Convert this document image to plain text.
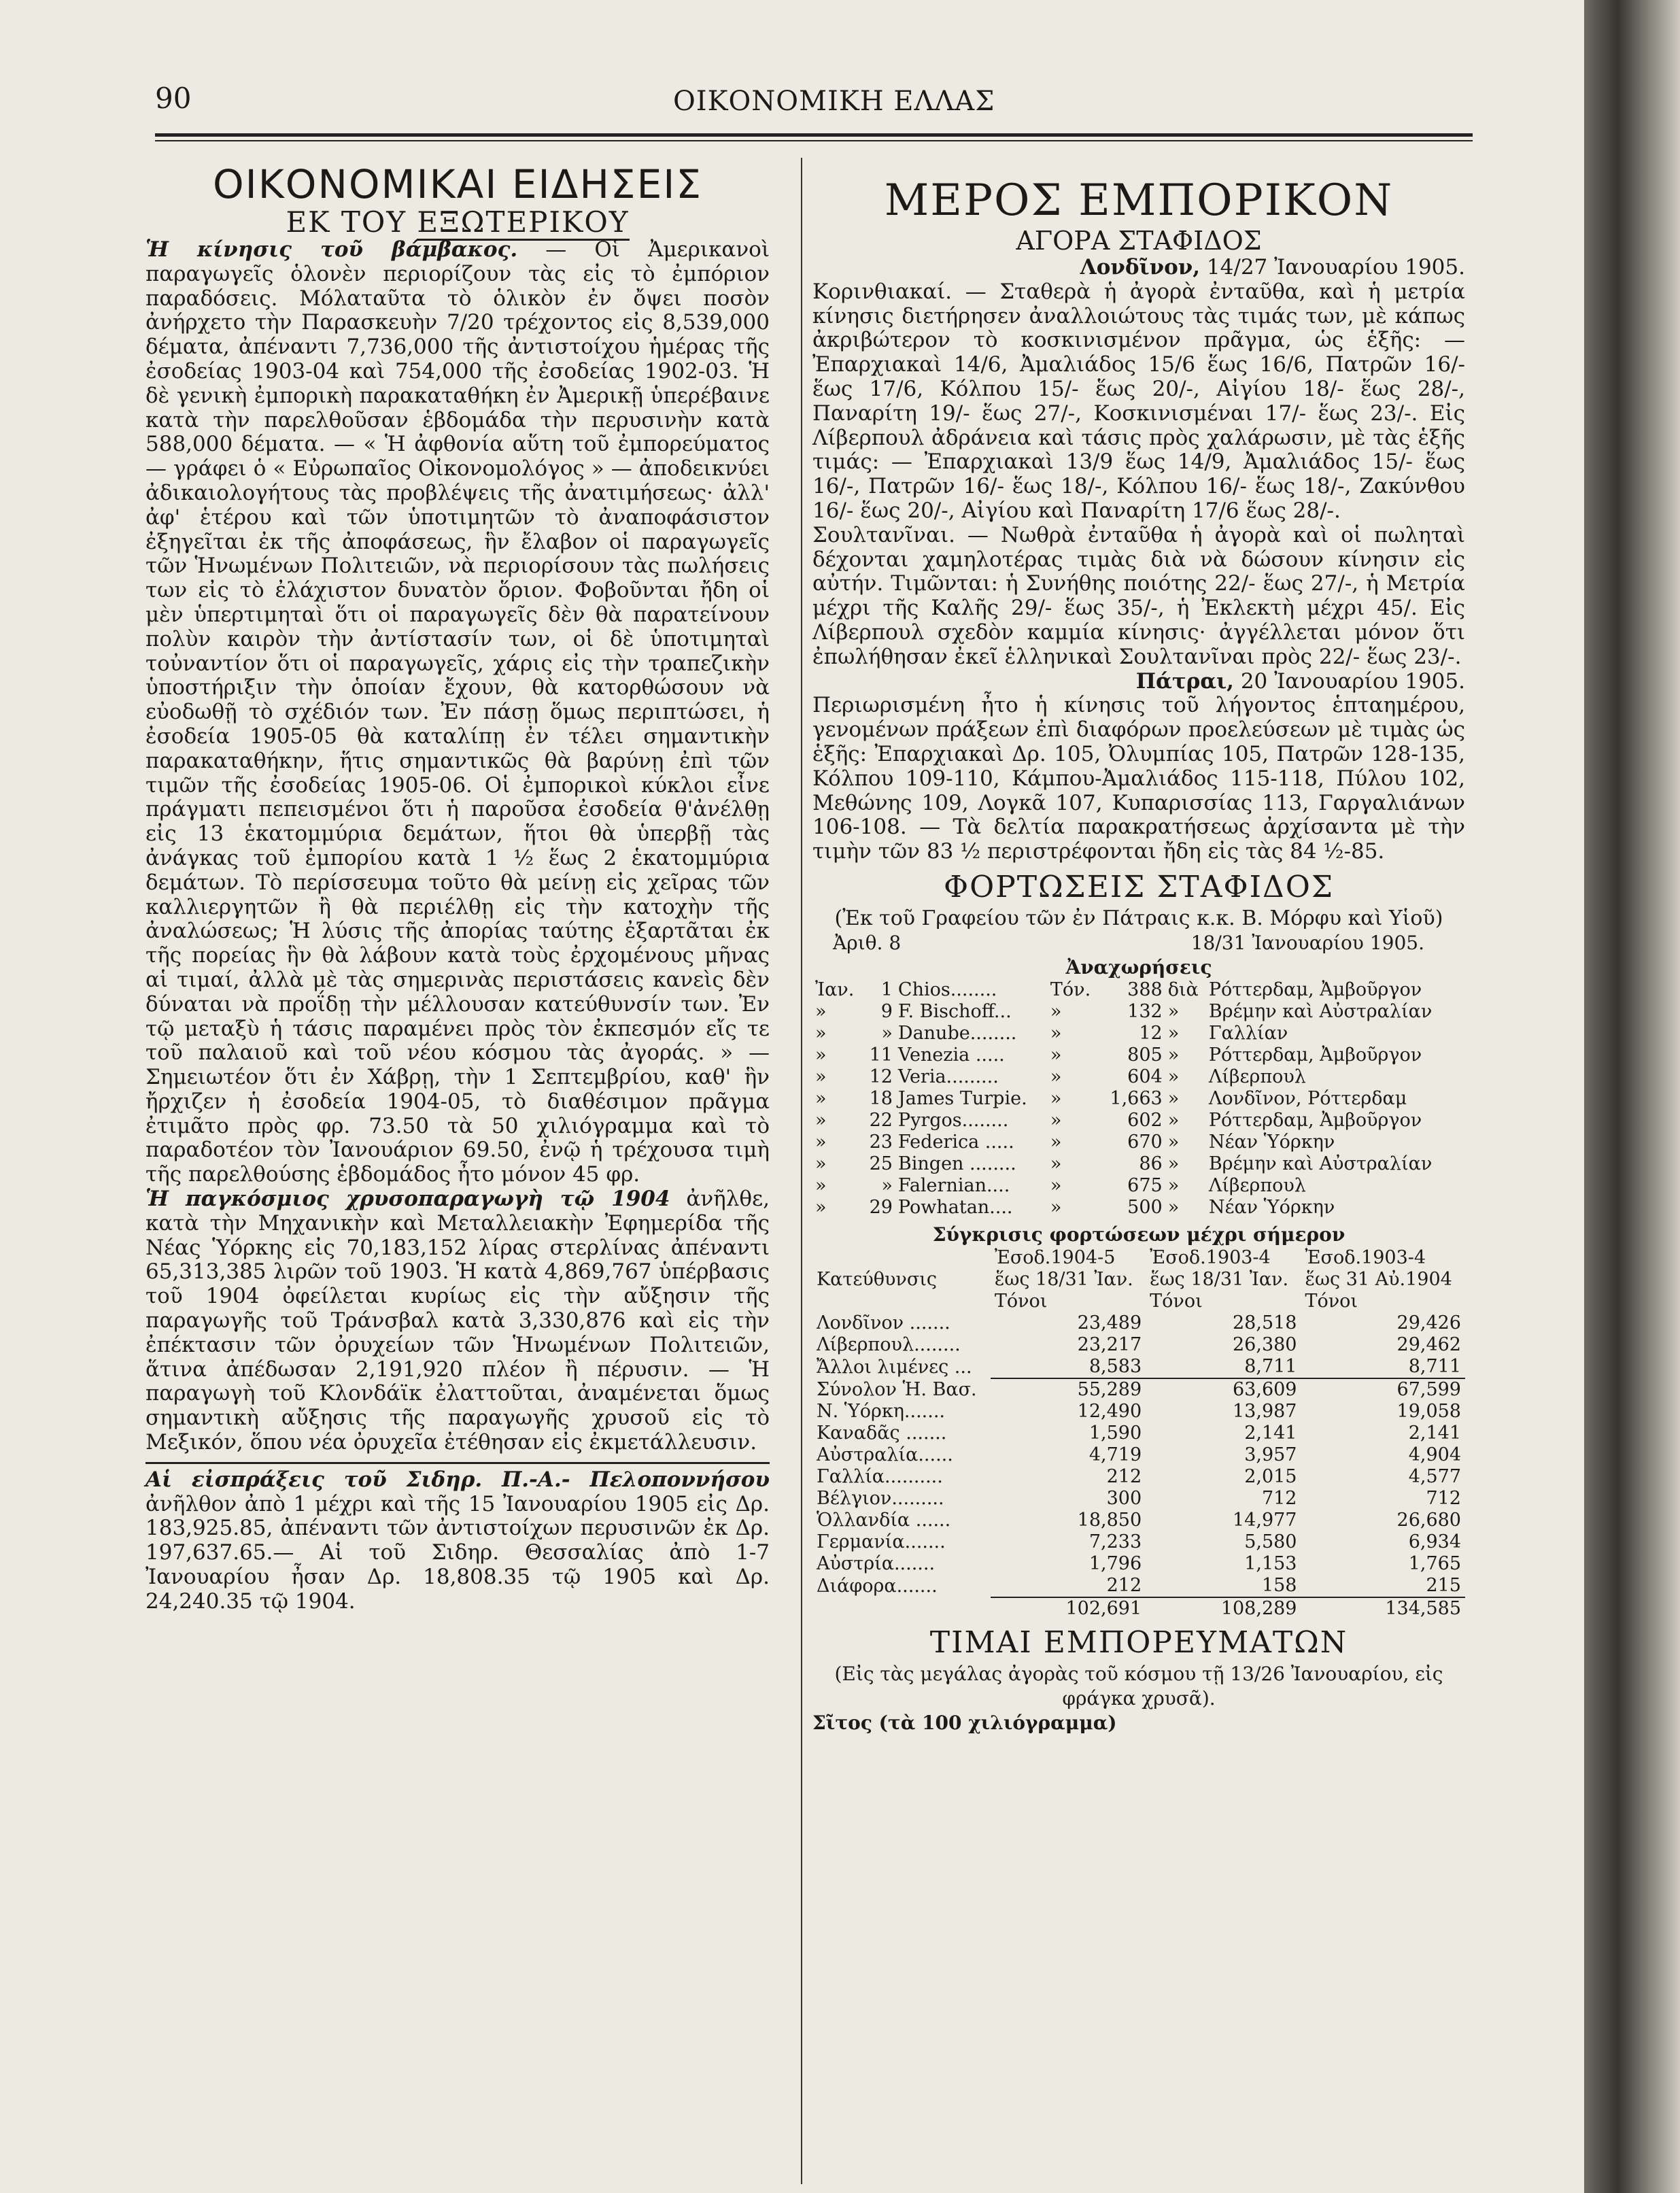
90	ΟΙΚΟΝΟΜΙΚΗ ΕΛΛΑΣ
ΟΙΚΟΝΟΜΙΚΑΙ ΕΙΔΗΣΕΙΣ
ΕΚ ΤΟΥ ΕΞΩΤΕΡΙΚΟΥ

Ἡ κίνησις τοῦ βάμβακος. — Οἱ Ἀμερικανοὶ παραγωγεῖς ὁλονὲν περιορίζουν τὰς εἰς τὸ ἐμπόριον παραδόσεις. Μόλαταῦτα τὸ ὁλικὸν ἐν ὄψει ποσὸν ἀνήρχετο τὴν Παρασκευὴν 7/20 τρέχοντος εἰς 8,539,000 δέματα, ἀπέναντι 7,736,000 τῆς ἀντιστοίχου ἡμέρας τῆς ἐσοδείας 1903-04 καὶ 754,000 τῆς ἐσοδείας 1902-03. Ἡ δὲ γενικὴ ἐμπορικὴ παρακαταθήκη ἐν Ἀμερικῇ ὑπερέβαινε κατὰ τὴν παρελθοῦσαν ἑβδομάδα τὴν περυσινὴν κατὰ 588,000 δέματα. — « Ἡ ἀφθονία αὕτη τοῦ ἐμπορεύματος — γράφει ὁ « Εὐρωπαῖος Οἰκονομολόγος » — ἀποδεικνύει ἀδικαιολογήτους τὰς προβλέψεις τῆς ἀνατιμήσεως· ἀλλ' ἀφ' ἑτέρου καὶ τῶν ὑποτιμητῶν τὸ ἀναποφάσιστον ἐξηγεῖται ἐκ τῆς ἀποφάσεως, ἣν ἔλαβον οἱ παραγωγεῖς τῶν Ἡνωμένων Πολιτειῶν, νὰ περιορίσουν τὰς πωλήσεις των εἰς τὸ ἐλάχιστον δυνατὸν ὅριον. Φοβοῦνται ἤδη οἱ μὲν ὑπερτιμηταὶ ὅτι οἱ παραγωγεῖς δὲν θὰ παρατείνουν πολὺν καιρὸν τὴν ἀντίστασίν των, οἱ δὲ ὑποτιμηταὶ τοὐναντίον ὅτι οἱ παραγωγεῖς, χάρις εἰς τὴν τραπεζικὴν ὑποστήριξιν τὴν ὁποίαν ἔχουν, θὰ κατορθώσουν νὰ εὐοδωθῇ τὸ σχέδιόν των. Ἐν πάσῃ ὅμως περιπτώσει, ἡ ἐσοδεία 1905-05 θὰ καταλίπῃ ἐν τέλει σημαντικὴν παρακαταθήκην, ἥτις σημαντικῶς θὰ βαρύνῃ ἐπὶ τῶν τιμῶν τῆς ἐσοδείας 1905-06. Οἱ ἐμπορικοὶ κύκλοι εἶνε πράγματι πεπεισμένοι ὅτι ἡ παροῦσα ἐσοδεία θ'ἀνέλθῃ εἰς 13 ἑκατομμύρια δεμάτων, ἥτοι θὰ ὑπερβῇ τὰς ἀνάγκας τοῦ ἐμπορίου κατὰ 1 ½ ἕως 2 ἑκατομμύρια δεμάτων. Τὸ περίσσευμα τοῦτο θὰ μείνῃ εἰς χεῖρας τῶν καλλιεργητῶν ἢ θὰ περιέλθῃ εἰς τὴν κατοχὴν τῆς ἀναλώσεως; Ἡ λύσις τῆς ἀπορίας ταύτης ἐξαρτᾶται ἐκ τῆς πορείας ἣν θὰ λάβουν κατὰ τοὺς ἐρχομένους μῆνας αἱ τιμαί, ἀλλὰ μὲ τὰς σημερινὰς περιστάσεις κανεὶς δὲν δύναται νὰ προΐδῃ τὴν μέλλουσαν κατεύθυνσίν των. Ἐν τῷ μεταξὺ ἡ τάσις παραμένει πρὸς τὸν ἐκπεσμόν εἴς τε τοῦ παλαιοῦ καὶ τοῦ νέου κόσμου τὰς ἀγοράς. » — Σημειωτέον ὅτι ἐν Χάβρῃ, τὴν 1 Σεπτεμβρίου, καθ' ἣν ἤρχιζεν ἡ ἐσοδεία 1904-05, τὸ διαθέσιμον πρᾶγμα ἐτιμᾶτο πρὸς φρ. 73.50 τὰ 50 χιλιόγραμμα καὶ τὸ παραδοτέον τὸν Ἰανουάριον 69.50, ἐνῷ ἡ τρέχουσα τιμὴ τῆς παρελθούσης ἑβδομάδος ἦτο μόνον 45 φρ.

Ἡ παγκόσμιος χρυσοπαραγωγὴ τῷ 1904 ἀνῆλθε, κατὰ τὴν Μηχανικὴν καὶ Μεταλλειακὴν Ἐφημερίδα τῆς Νέας Ὑόρκης εἰς 70,183,152 λίρας στερλίνας ἀπέναντι 65,313,385 λιρῶν τοῦ 1903. Ἡ κατὰ 4,869,767 ὑπέρβασις τοῦ 1904 ὀφείλεται κυρίως εἰς τὴν αὔξησιν τῆς παραγωγῆς τοῦ Τράνσβαλ κατὰ 3,330,876 καὶ εἰς τὴν ἐπέκτασιν τῶν ὀρυχείων τῶν Ἡνωμένων Πολιτειῶν, ἅτινα ἀπέδωσαν 2,191,920 πλέον ἢ πέρυσιν. — Ἡ παραγωγὴ τοῦ Κλονδάϊκ ἐλαττοῦται, ἀναμένεται ὅμως σημαντικὴ αὔξησις τῆς παραγωγῆς χρυσοῦ εἰς τὸ Μεξικόν, ὅπου νέα ὀρυχεῖα ἐτέθησαν εἰς ἐκμετάλλευσιν.

Αἱ εἰσπράξεις τοῦ Σιδηρ. Π.-Α.- Πελοποννήσου ἀνῆλθον ἀπὸ 1 μέχρι καὶ τῆς 15 Ἰανουαρίου 1905 εἰς Δρ. 183,925.85, ἀπέναντι τῶν ἀντιστοίχων περυσινῶν ἐκ Δρ. 197,637.65.— Αἱ τοῦ Σιδηρ. Θεσσαλίας ἀπὸ 1-7 Ἰανουαρίου ἦσαν Δρ. 18,808.35 τῷ 1905 καὶ Δρ. 24,240.35 τῷ 1904.

ΜΕΡΟΣ ΕΜΠΟΡΙΚΟΝ
ΑΓΟΡΑ ΣΤΑΦΙΔΟΣ
Λονδῖνον, 14/27 Ἰανουαρίου 1905.

Κορινθιακαί. — Σταθερὰ ἡ ἀγορὰ ἐνταῦθα, καὶ ἡ μετρία κίνησις διετήρησεν ἀναλλοιώτους τὰς τιμάς των, μὲ κάπως ἀκριβώτερον τὸ κοσκινισμένον πρᾶγμα, ὡς ἑξῆς: — Ἐπαρχιακαὶ 14/6, Ἀμαλιάδος 15/6 ἕως 16/6, Πατρῶν 16/- ἕως 17/6, Κόλπου 15/- ἕως 20/-, Αἰγίου 18/- ἕως 28/-, Παναρίτη 19/- ἕως 27/-, Κοσκινισμέναι 17/- ἕως 23/-. Εἰς Λίβερπουλ ἀδράνεια καὶ τάσις πρὸς χαλάρωσιν, μὲ τὰς ἑξῆς τιμάς: — Ἐπαρχιακαὶ 13/9 ἕως 14/9, Ἀμαλιάδος 15/- ἕως 16/-, Πατρῶν 16/- ἕως 18/-, Κόλπου 16/- ἕως 18/-, Ζακύνθου 16/- ἕως 20/-, Αἰγίου καὶ Παναρίτη 17/6 ἕως 28/-.

Σουλτανῖναι. — Νωθρὰ ἐνταῦθα ἡ ἀγορὰ καὶ οἱ πωληταὶ δέχονται χαμηλοτέρας τιμὰς διὰ νὰ δώσουν κίνησιν εἰς αὐτήν. Τιμῶνται: ἡ Συνήθης ποιότης 22/- ἕως 27/-, ἡ Μετρία μέχρι τῆς Καλῆς 29/- ἕως 35/-, ἡ Ἐκλεκτὴ μέχρι 45/. Εἰς Λίβερπουλ σχεδὸν καμμία κίνησις· ἀγγέλλεται μόνον ὅτι ἐπωλήθησαν ἐκεῖ ἑλληνικαὶ Σουλτανῖναι πρὸς 22/- ἕως 23/-.

Πάτραι, 20 Ἰανουαρίου 1905.

Περιωρισμένη ἦτο ἡ κίνησις τοῦ λήγοντος ἑπταημέρου, γενομένων πράξεων ἐπὶ διαφόρων προελεύσεων μὲ τιμὰς ὡς ἑξῆς: Ἐπαρχιακαὶ Δρ. 105, Ὀλυμπίας 105, Πατρῶν 128-135, Κόλπου 109-110, Κάμπου-Ἀμαλιάδος 115-118, Πύλου 102, Μεθώνης 109, Λογκᾶ 107, Κυπαρισσίας 113, Γαργαλιάνων 106-108. — Τὰ δελτία παρακρατήσεως ἀρχίσαντα μὲ τὴν τιμὴν τῶν 83 ½ περιστρέφονται ἤδη εἰς τὰς 84 ½-85.

ΦΟΡΤΩΣΕΙΣ ΣΤΑΦΙΔΟΣ
(Ἐκ τοῦ Γραφείου τῶν ἐν Πάτραις κ.κ. Β. Μόρφυ καὶ Υἱοῦ)
Ἀριθ. 8	18/31 Ἰανουαρίου 1905.
Ἀναχωρήσεις
Ἰαν.	1	Chios........	Τόν.	388	διὰ	Ρόττερδαμ, Ἀμβοῦργον
»	9	F. Bischoff...	»	132	»	Βρέμην καὶ Αὐστραλίαν
»	»	Danube........	»	12	»	Γαλλίαν
»	11	Venezia .....	»	805	»	Ρόττερδαμ, Ἀμβοῦργον
»	12	Veria.........	»	604	»	Λίβερπουλ
»	18	James Turpie.	»	1,663	»	Λονδῖνον, Ρόττερδαμ
»	22	Pyrgos........	»	602	»	Ρόττερδαμ, Ἀμβοῦργον
»	23	Federica .....	»	670	»	Νέαν Ὑόρκην
»	25	Bingen ........	»	86	»	Βρέμην καὶ Αὐστραλίαν
»	»	Falernian....	»	675	»	Λίβερπουλ
»	29	Powhatan....	»	500	»	Νέαν Ὑόρκην
Σύγκρισις φορτώσεων μέχρι σήμερον
	Ἐσοδ.1904-5	Ἐσοδ.1903-4	Ἐσοδ.1903-4
Κατεύθυνσις	ἕως 18/31 Ἰαν.	ἕως 18/31 Ἰαν.	ἕως 31 Αὐ.1904
	Τόνοι	Τόνοι	Τόνοι
Λονδῖνον .......	23,489	28,518	29,426
Λίβερπουλ........	23,217	26,380	29,462
Ἄλλοι λιμένες ...	8,583	8,711	8,711
Σύνολον Ἡ. Βασ.	55,289	63,609	67,599
Ν. Ὑόρκη.......	12,490	13,987	19,058
Καναδᾶς .......	1,590	2,141	2,141
Αὐστραλία......	4,719	3,957	4,904
Γαλλία..........	212	2,015	4,577
Βέλγιον.........	300	712	712
Ὁλλανδία ......	18,850	14,977	26,680
Γερμανία.......	7,233	5,580	6,934
Αὐστρία.......	1,796	1,153	1,765
Διάφορα.......	212	158	215
	102,691	108,289	134,585
ΤΙΜΑΙ ΕΜΠΟΡΕΥΜΑΤΩΝ
(Εἰς τὰς μεγάλας ἀγορὰς τοῦ κόσμου τῇ 13/26 Ἰανουαρίου, εἰς φράγκα χρυσᾶ).
Σῖτος (τὰ 100 χιλιόγραμμα)
